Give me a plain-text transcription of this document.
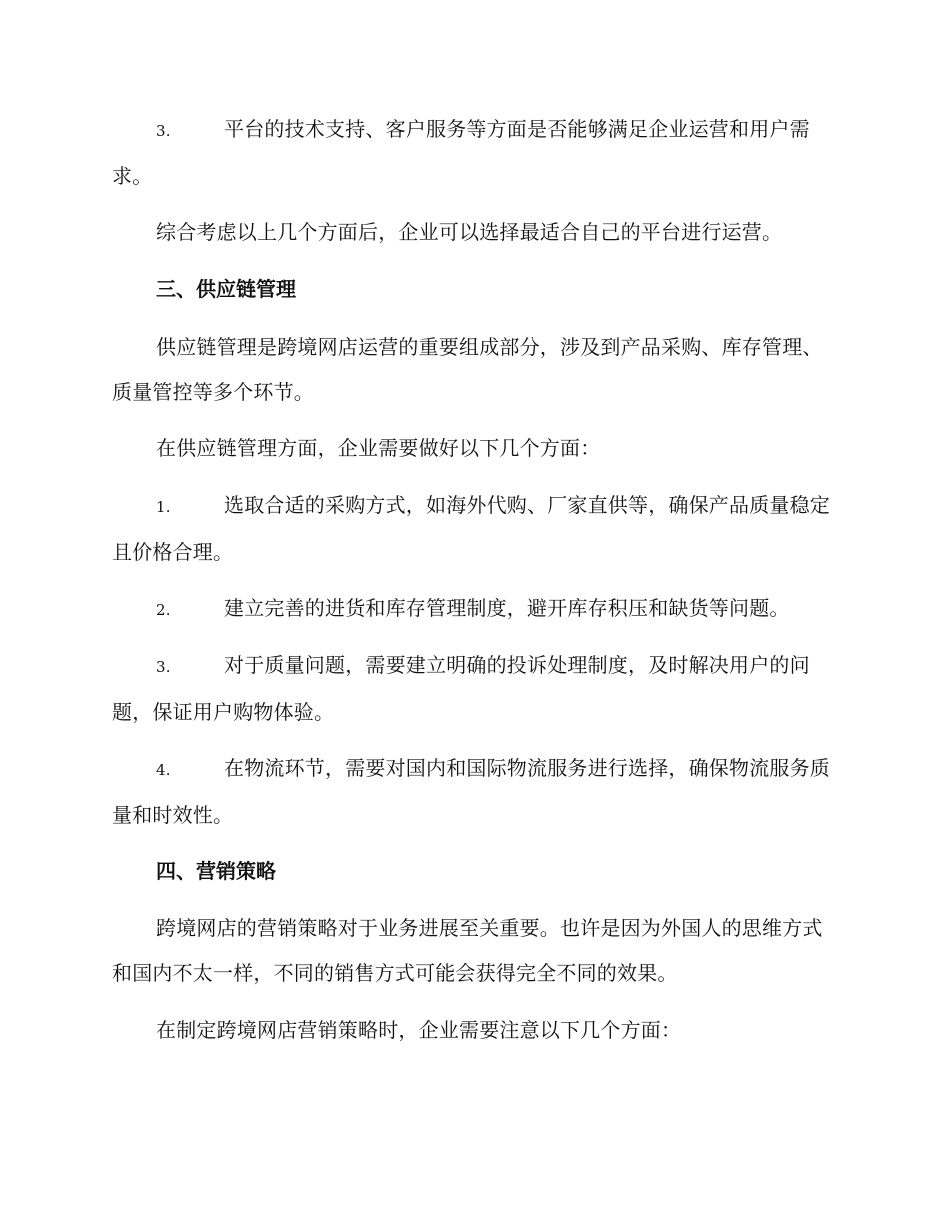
3.	平台的技术支持、客户服务等方面是否能够满足企业运营和用户需求。
综合考虑以上几个方面后，企业可以选择最适合自己的平台进行运营。
三、供应链管理
供应链管理是跨境网店运营的重要组成部分，涉及到产品采购、库存管理、质量管控等多个环节。
在供应链管理方面，企业需要做好以下几个方面：
1.	选取合适的采购方式，如海外代购、厂家直供等，确保产品质量稳定且价格合理。
2.	建立完善的进货和库存管理制度，避开库存积压和缺货等问题。
3.	对于质量问题，需要建立明确的投诉处理制度，及时解决用户的问题，保证用户购物体验。
4.	在物流环节，需要对国内和国际物流服务进行选择，确保物流服务质量和时效性。
四、营销策略
跨境网店的营销策略对于业务进展至关重要。也许是因为外国人的思维方式和国内不太一样，不同的销售方式可能会获得完全不同的效果。
在制定跨境网店营销策略时，企业需要注意以下几个方面：
